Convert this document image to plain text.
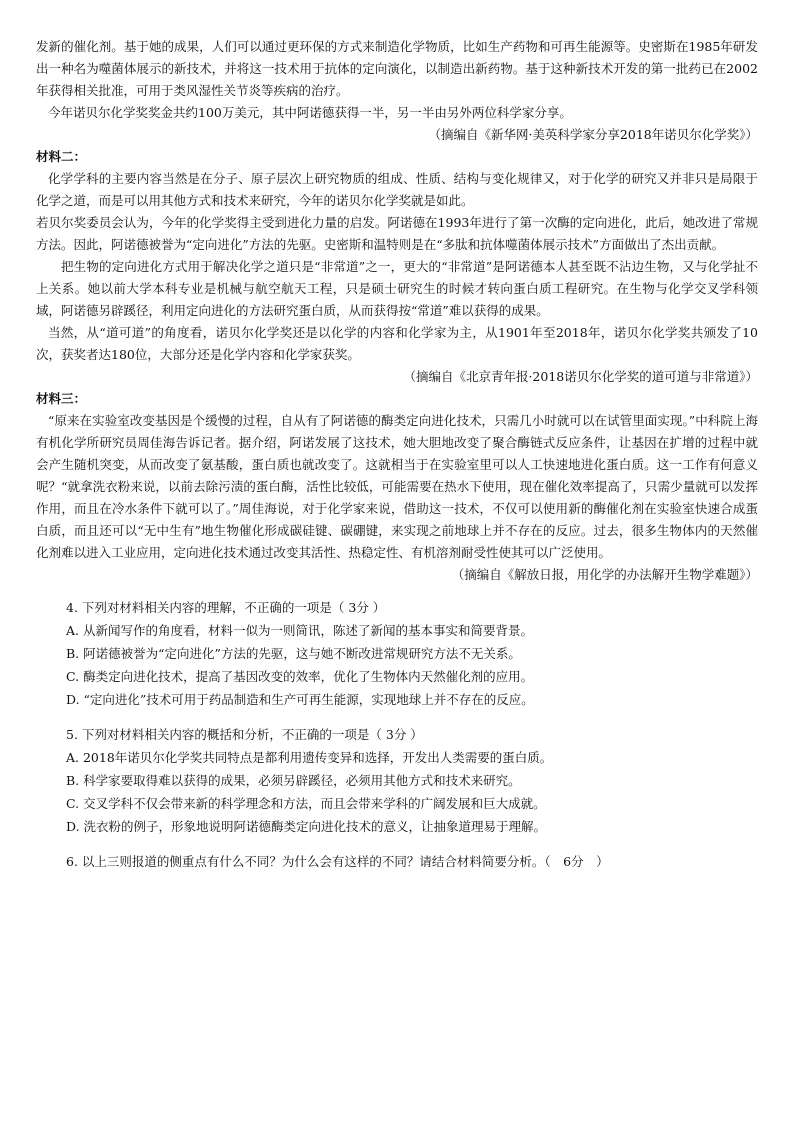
发新的催化剂。基于她的成果，人们可以通过更环保的方式来制造化学物质，比如生产药物和可再生能源等。史密斯在1985年研发出一种名为噬菌体展示的新技术，并将这一技术用于抗体的定向演化，以制造出新药物。基于这种新技术开发的第一批药已在2002年获得相关批准，可用于类风湿性关节炎等疾病的治疗。

今年诺贝尔化学奖奖金共约100万美元，其中阿诺德获得一半，另一半由另外两位科学家分享。

（摘编自《新华网·美英科学家分享2018年诺贝尔化学奖》）

材料二：

化学学科的主要内容当然是在分子、原子层次上研究物质的组成、性质、结构与变化规律又，对于化学的研究又并非只是局限于化学之道，而是可以用其他方式和技术来研究，今年的诺贝尔化学奖就是如此。

若贝尔奖委员会认为，今年的化学奖得主受到进化力量的启发。阿诺德在1993年进行了第一次酶的定向进化，此后，她改进了常规方法。因此，阿诺德被誉为“定向进化”方法的先驱。史密斯和温特则是在“多肽和抗体噬菌体展示技术”方面做出了杰出贡献。

把生物的定向进化方式用于解决化学之道只是“非常道”之一，更大的“非常道”是阿诺德本人甚至既不沾边生物，又与化学扯不上关系。她以前大学本科专业是机械与航空航天工程，只是硕士研究生的时候才转向蛋白质工程研究。在生物与化学交叉学科领域，阿诺德另辟蹊径，利用定向进化的方法研究蛋白质，从而获得按“常道”难以获得的成果。

当然，从“道可道”的角度看，诺贝尔化学奖还是以化学的内容和化学家为主，从1901年至2018年，诺贝尔化学奖共颁发了10次，获奖者达180位，大部分还是化学内容和化学家获奖。

（摘编自《北京青年报·2018诺贝尔化学奖的道可道与非常道》）

材料三：

“原来在实验室改变基因是个缓慢的过程，自从有了阿诺德的酶类定向进化技术，只需几小时就可以在试管里面实现。”中科院上海有机化学所研究员周佳海告诉记者。据介绍，阿诺发展了这技术，她大胆地改变了聚合酶链式反应条件，让基因在扩增的过程中就会产生随机突变，从而改变了氨基酸，蛋白质也就改变了。这就相当于在实验室里可以人工快速地进化蛋白质。这一工作有何意义呢？“就拿洗衣粉来说，以前去除污渍的蛋白酶，活性比较低，可能需要在热水下使用，现在催化效率提高了，只需少量就可以发挥作用，而且在冷水条件下就可以了。”周佳海说，对于化学家来说，借助这一技术，不仅可以使用新的酶催化剂在实验室快速合成蛋白质，而且还可以“无中生有”地生物催化形成碳硅键、碳硼键，来实现之前地球上并不存在的反应。过去，很多生物体内的天然催化剂难以进入工业应用，定向进化技术通过改变其活性、热稳定性、有机溶剂耐受性使其可以广泛使用。

（摘编自《解放日报，用化学的办法解开生物学难题》）

4. 下列对材料相关内容的理解，不正确的一项是（ 3分 ）

A. 从新闻写作的角度看，材料一似为一则简讯，陈述了新闻的基本事实和简要背景。

B. 阿诺德被誉为“定向进化”方法的先驱，这与她不断改进常规研究方法不无关系。

C. 酶类定向进化技术，提高了基因改变的效率，优化了生物体内天然催化剂的应用。

D. “定向进化”技术可用于药品制造和生产可再生能源，实现地球上并不存在的反应。

5. 下列对材料相关内容的概括和分析，不正确的一项是（ 3分 ）

A. 2018年诺贝尔化学奖共同特点是都利用遗传变异和选择，开发出人类需要的蛋白质。

B. 科学家要取得难以获得的成果，必须另辟蹊径，必须用其他方式和技术来研究。

C. 交叉学科不仅会带来新的科学理念和方法，而且会带来学科的广阔发展和巨大成就。

D. 洗衣粉的例子，形象地说明阿诺德酶类定向进化技术的意义，让抽象道理易于理解。

6. 以上三则报道的侧重点有什么不同？为什么会有这样的不同？请结合材料简要分析。（　6分　）
